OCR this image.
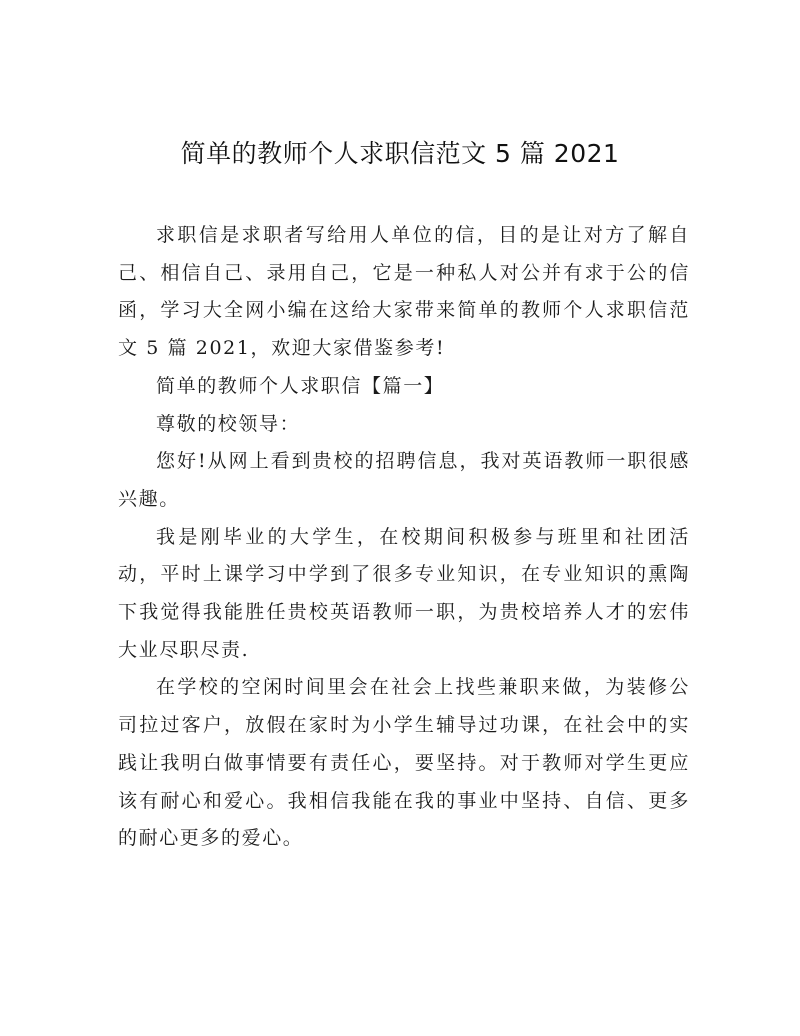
简单的教师个人求职信范文 5 篇 2021

求职信是求职者写给用人单位的信，目的是让对方了解自己、相信自己、录用自己，它是一种私人对公并有求于公的信函，学习大全网小编在这给大家带来简单的教师个人求职信范文 5 篇 2021，欢迎大家借鉴参考!

简单的教师个人求职信【篇一】

尊敬的校领导：

您好!从网上看到贵校的招聘信息，我对英语教师一职很感兴趣。

我是刚毕业的大学生，在校期间积极参与班里和社团活动，平时上课学习中学到了很多专业知识，在专业知识的熏陶下我觉得我能胜任贵校英语教师一职，为贵校培养人才的宏伟大业尽职尽责.

在学校的空闲时间里会在社会上找些兼职来做，为装修公司拉过客户，放假在家时为小学生辅导过功课，在社会中的实践让我明白做事情要有责任心，要坚持。对于教师对学生更应该有耐心和爱心。我相信我能在我的事业中坚持、自信、更多的耐心更多的爱心。
